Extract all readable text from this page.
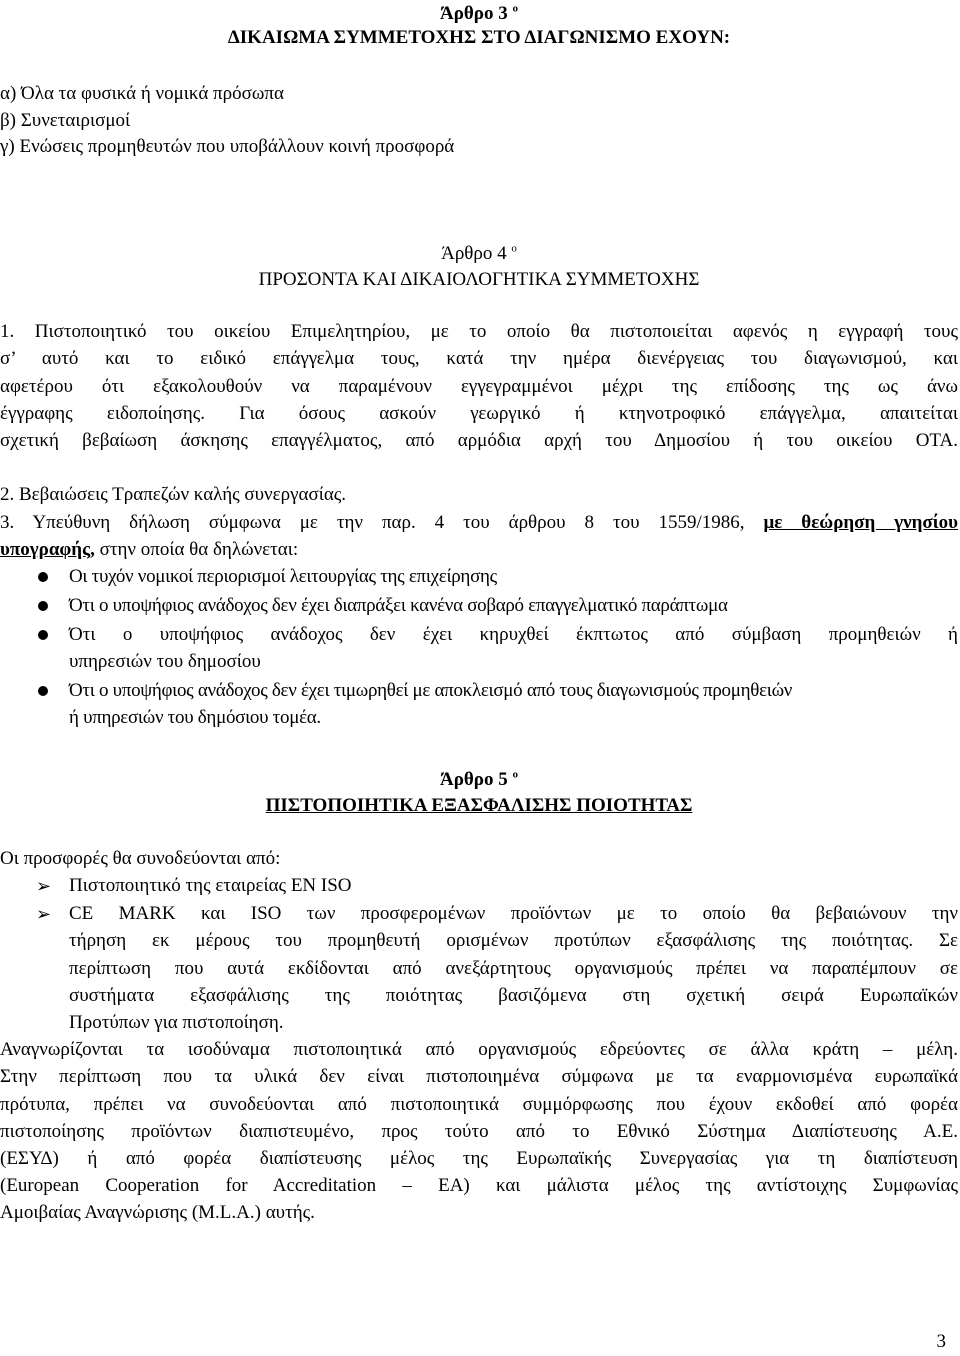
Άρθρο 3 $^o$
ΔΙΚΑΙΩΜΑ ΣΥΜΜΕΤΟΧΗΣ ΣΤΟ ΔΙΑΓΩΝΙΣΜΟ ΕΧΟΥΝ:
α) Όλα τα φυσικά ή νομικά πρόσωπα
β) Συνεταιρισμοί
γ) Ενώσεις προμηθευτών που υποβάλλουν κοινή προσφορά
Άρθρο 4 $^o$
ΠΡΟΣΟΝΤΑ ΚΑΙ ΔΙΚΑΙΟΛΟΓΗΤΙΚΑ ΣΥΜΜΕΤΟΧΗΣ
1. Πιστοποιητικό του οικείου Επιμελητηρίου, με το οποίο θα πιστοποιείται αφενός η εγγραφή τους
σ’ αυτό και το ειδικό επάγγελμα τους, κατά την ημέρα διενέργειας του διαγωνισμού, και
αφετέρου ότι εξακολουθούν να παραμένουν εγγεγραμμένοι μέχρι της επίδοσης της ως άνω
έγγραφης ειδοποίησης. Για όσους ασκούν γεωργικό ή κτηνοτροφικό επάγγελμα, απαιτείται
σχετική βεβαίωση άσκησης επαγγέλματος, από αρμόδια αρχή του Δημοσίου ή του οικείου ΟΤΑ.
2. Βεβαιώσεις Τραπεζών καλής συνεργασίας.
3. Υπεύθυνη δήλωση σύμφωνα με την παρ. 4 του άρθρου 8 του 1559/1986, με θεώρηση γνησίου
υπογραφής, στην οποία θα δηλώνεται:
Οι τυχόν νομικοί περιορισμοί λειτουργίας της επιχείρησης
Ότι ο υποψήφιος ανάδοχος δεν έχει διαπράξει κανένα σοβαρό επαγγελματικό παράπτωμα
Ότι ο υποψήφιος ανάδοχος δεν έχει κηρυχθεί έκπτωτος από σύμβαση προμηθειών ή
υπηρεσιών του δημοσίου
Ότι ο υποψήφιος ανάδοχος δεν έχει τιμωρηθεί με αποκλεισμό από τους διαγωνισμούς προμηθειών
ή υπηρεσιών του δημόσιου τομέα.
Άρθρο 5 $^o$
ΠΙΣΤΟΠΟΙΗΤΙΚΑ ΕΞΑΣΦΑΛΙΣΗΣ ΠΟΙΟΤΗΤΑΣ
Οι προσφορές θα συνοδεύονται από:
➢ Πιστοποιητικό της εταιρείας EN ISO
➢ CE MARK και ISO των προσφερομένων προϊόντων με το οποίο θα βεβαιώνουν την
τήρηση εκ μέρους του προμηθευτή ορισμένων προτύπων εξασφάλισης της ποιότητας. Σε
περίπτωση που αυτά εκδίδονται από ανεξάρτητους οργανισμούς πρέπει να παραπέμπουν σε
συστήματα εξασφάλισης της ποιότητας βασιζόμενα στη σχετική σειρά Ευρωπαϊκών
Προτύπων για πιστοποίηση.
Αναγνωρίζονται τα ισοδύναμα πιστοποιητικά από οργανισμούς εδρεύοντες σε άλλα κράτη – μέλη.
Στην περίπτωση που τα υλικά δεν είναι πιστοποιημένα σύμφωνα με τα εναρμονισμένα ευρωπαϊκά
πρότυπα, πρέπει να συνοδεύονται από πιστοποιητικά συμμόρφωσης που έχουν εκδοθεί από φορέα
πιστοποίησης προϊόντων διαπιστευμένο, προς τούτο από το Εθνικό Σύστημα Διαπίστευσης Α.Ε.
(ΕΣΥΔ) ή από φορέα διαπίστευσης μέλος της Ευρωπαϊκής Συνεργασίας για τη διαπίστευση
(European Cooperation for Accreditation – EA) και μάλιστα μέλος της αντίστοιχης Συμφωνίας
Αμοιβαίας Αναγνώρισης (M.L.A.) αυτής.
3
